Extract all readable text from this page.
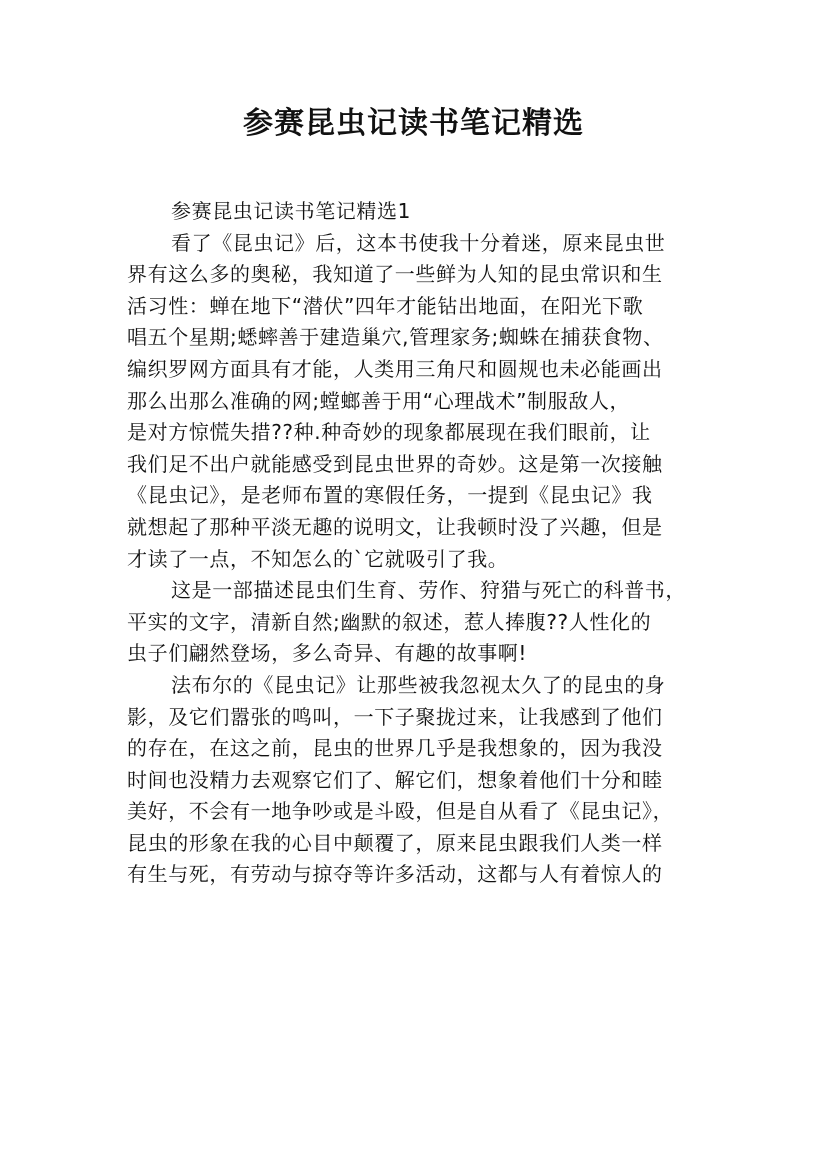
参赛昆虫记读书笔记精选
参赛昆虫记读书笔记精选1
看了《昆虫记》后，这本书使我十分着迷，原来昆虫世
界有这么多的奥秘，我知道了一些鲜为人知的昆虫常识和生
活习性：蝉在地下“潜伏”四年才能钻出地面，在阳光下歌
唱五个星期;蟋蟀善于建造巢穴,管理家务;蜘蛛在捕获食物、
编织罗网方面具有才能，人类用三角尺和圆规也未必能画出
那么出那么准确的网;螳螂善于用“心理战术”制服敌人，
是对方惊慌失措??种.种奇妙的现象都展现在我们眼前，让
我们足不出户就能感受到昆虫世界的奇妙。这是第一次接触
《昆虫记》，是老师布置的寒假任务，一提到《昆虫记》我
就想起了那种平淡无趣的说明文，让我顿时没了兴趣，但是
才读了一点，不知怎么的`它就吸引了我。
这是一部描述昆虫们生育、劳作、狩猎与死亡的科普书，
平实的文字，清新自然;幽默的叙述，惹人捧腹??人性化的
虫子们翩然登场，多么奇异、有趣的故事啊!
法布尔的《昆虫记》让那些被我忽视太久了的昆虫的身
影，及它们嚣张的鸣叫，一下子聚拢过来，让我感到了他们
的存在，在这之前，昆虫的世界几乎是我想象的，因为我没
时间也没精力去观察它们了、解它们，想象着他们十分和睦
美好，不会有一地争吵或是斗殴，但是自从看了《昆虫记》，
昆虫的形象在我的心目中颠覆了，原来昆虫跟我们人类一样
有生与死，有劳动与掠夺等许多活动，这都与人有着惊人的
